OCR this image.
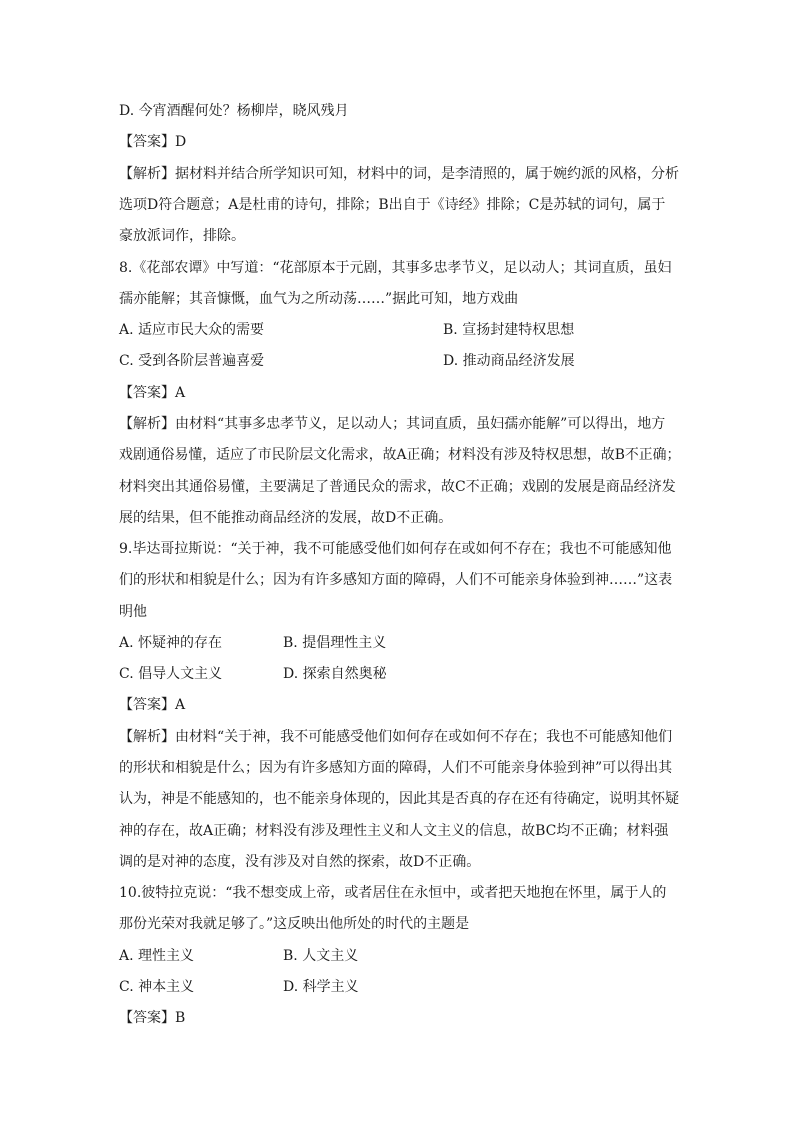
D. 今宵酒醒何处？杨柳岸，晓风残月
【答案】D
【解析】据材料并结合所学知识可知，材料中的词，是李清照的，属于婉约派的风格，分析
选项D符合题意；A是杜甫的诗句，排除；B出自于《诗经》排除；C是苏轼的词句，属于
豪放派词作，排除。
8.《花部农谭》中写道：“花部原本于元剧，其事多忠孝节义，足以动人；其词直质，虽妇
孺亦能解；其音慷慨，血气为之所动荡……”据此可知，地方戏曲
A. 适应市民大众的需要	B. 宣扬封建特权思想
C. 受到各阶层普遍喜爱	D. 推动商品经济发展
【答案】A
【解析】由材料“其事多忠孝节义，足以动人；其词直质，虽妇孺亦能解”可以得出，地方
戏剧通俗易懂，适应了市民阶层文化需求，故A正确；材料没有涉及特权思想，故B不正确；
材料突出其通俗易懂，主要满足了普通民众的需求，故C不正确；戏剧的发展是商品经济发
展的结果，但不能推动商品经济的发展，故D不正确。
9.毕达哥拉斯说：“关于神，我不可能感受他们如何存在或如何不存在；我也不可能感知他
们的形状和相貌是什么；因为有许多感知方面的障碍，人们不可能亲身体验到神……”这表
明他
A. 怀疑神的存在	B. 提倡理性主义
C. 倡导人文主义	D. 探索自然奥秘
【答案】A
【解析】由材料“关于神，我不可能感受他们如何存在或如何不存在；我也不可能感知他们
的形状和相貌是什么；因为有许多感知方面的障碍，人们不可能亲身体验到神”可以得出其
认为，神是不能感知的，也不能亲身体现的，因此其是否真的存在还有待确定，说明其怀疑
神的存在，故A正确；材料没有涉及理性主义和人文主义的信息，故BC均不正确；材料强
调的是对神的态度，没有涉及对自然的探索，故D不正确。
10.彼特拉克说：“我不想变成上帝，或者居住在永恒中，或者把天地抱在怀里，属于人的
那份光荣对我就足够了。”这反映出他所处的时代的主题是
A. 理性主义	B. 人文主义
C. 神本主义	D. 科学主义
【答案】B
